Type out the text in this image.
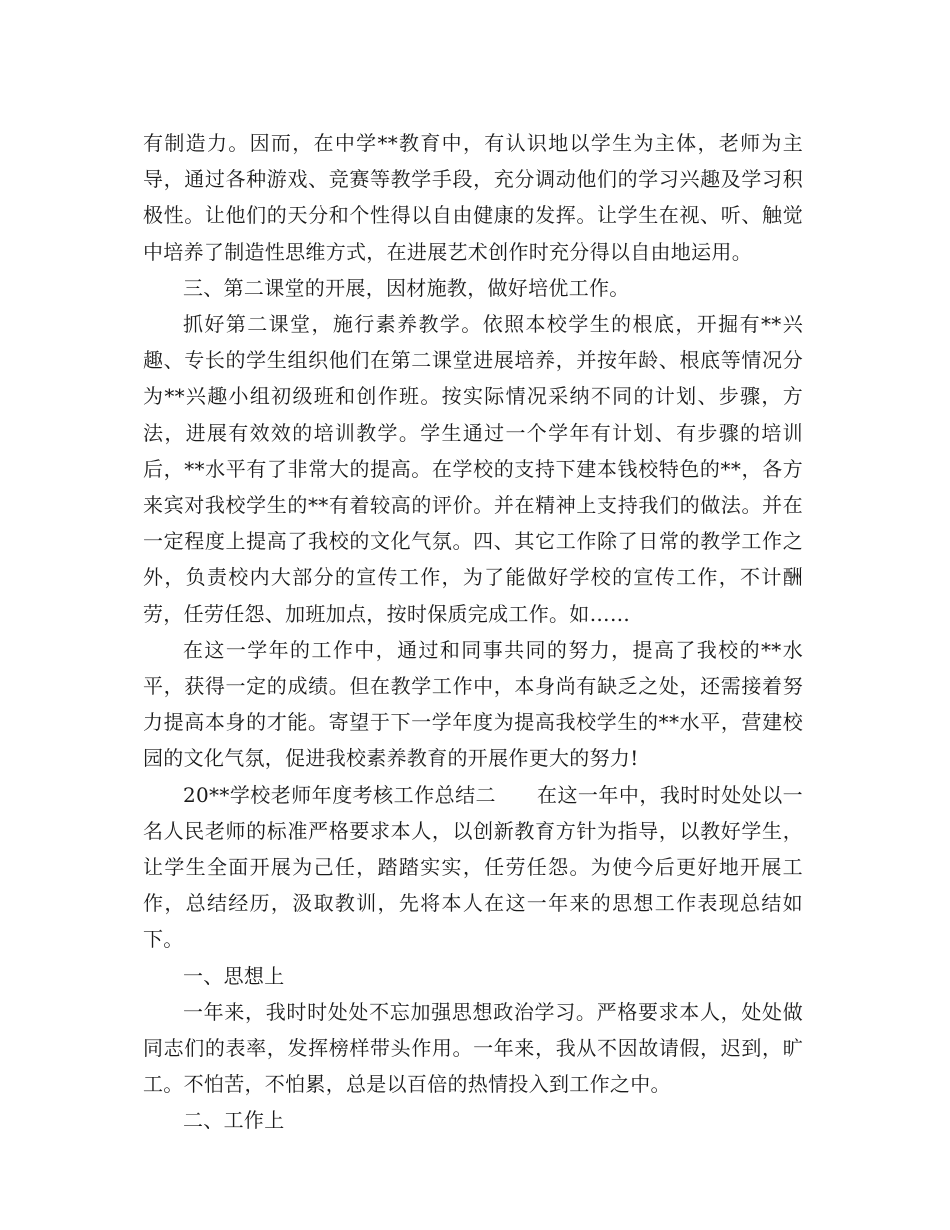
有制造力。因而，在中学**教育中，有认识地以学生为主体，老师为主导，通过各种游戏、竞赛等教学手段，充分调动他们的学习兴趣及学习积极性。让他们的天分和个性得以自由健康的发挥。让学生在视、听、触觉中培养了制造性思维方式，在进展艺术创作时充分得以自由地运用。

三、第二课堂的开展，因材施教，做好培优工作。

抓好第二课堂，施行素养教学。依照本校学生的根底，开掘有**兴趣、专长的学生组织他们在第二课堂进展培养，并按年龄、根底等情况分为**兴趣小组初级班和创作班。按实际情况采纳不同的计划、步骤，方法，进展有效效的培训教学。学生通过一个学年有计划、有步骤的培训后，**水平有了非常大的提高。在学校的支持下建本钱校特色的**，各方来宾对我校学生的**有着较高的评价。并在精神上支持我们的做法。并在一定程度上提高了我校的文化气氛。四、其它工作除了日常的教学工作之外，负责校内大部分的宣传工作，为了能做好学校的宣传工作，不计酬劳，任劳任怨、加班加点，按时保质完成工作。如……

在这一学年的工作中，通过和同事共同的努力，提高了我校的**水平，获得一定的成绩。但在教学工作中，本身尚有缺乏之处，还需接着努力提高本身的才能。寄望于下一学年度为提高我校学生的**水平，营建校园的文化气氛，促进我校素养教育的开展作更大的努力!

20**学校老师年度考核工作总结二　　在这一年中，我时时处处以一名人民老师的标准严格要求本人，以创新教育方针为指导，以教好学生，让学生全面开展为己任，踏踏实实，任劳任怨。为使今后更好地开展工作，总结经历，汲取教训，先将本人在这一年来的思想工作表现总结如下。

一、思想上

一年来，我时时处处不忘加强思想政治学习。严格要求本人，处处做同志们的表率，发挥榜样带头作用。一年来，我从不因故请假，迟到，旷工。不怕苦，不怕累，总是以百倍的热情投入到工作之中。

二、工作上
